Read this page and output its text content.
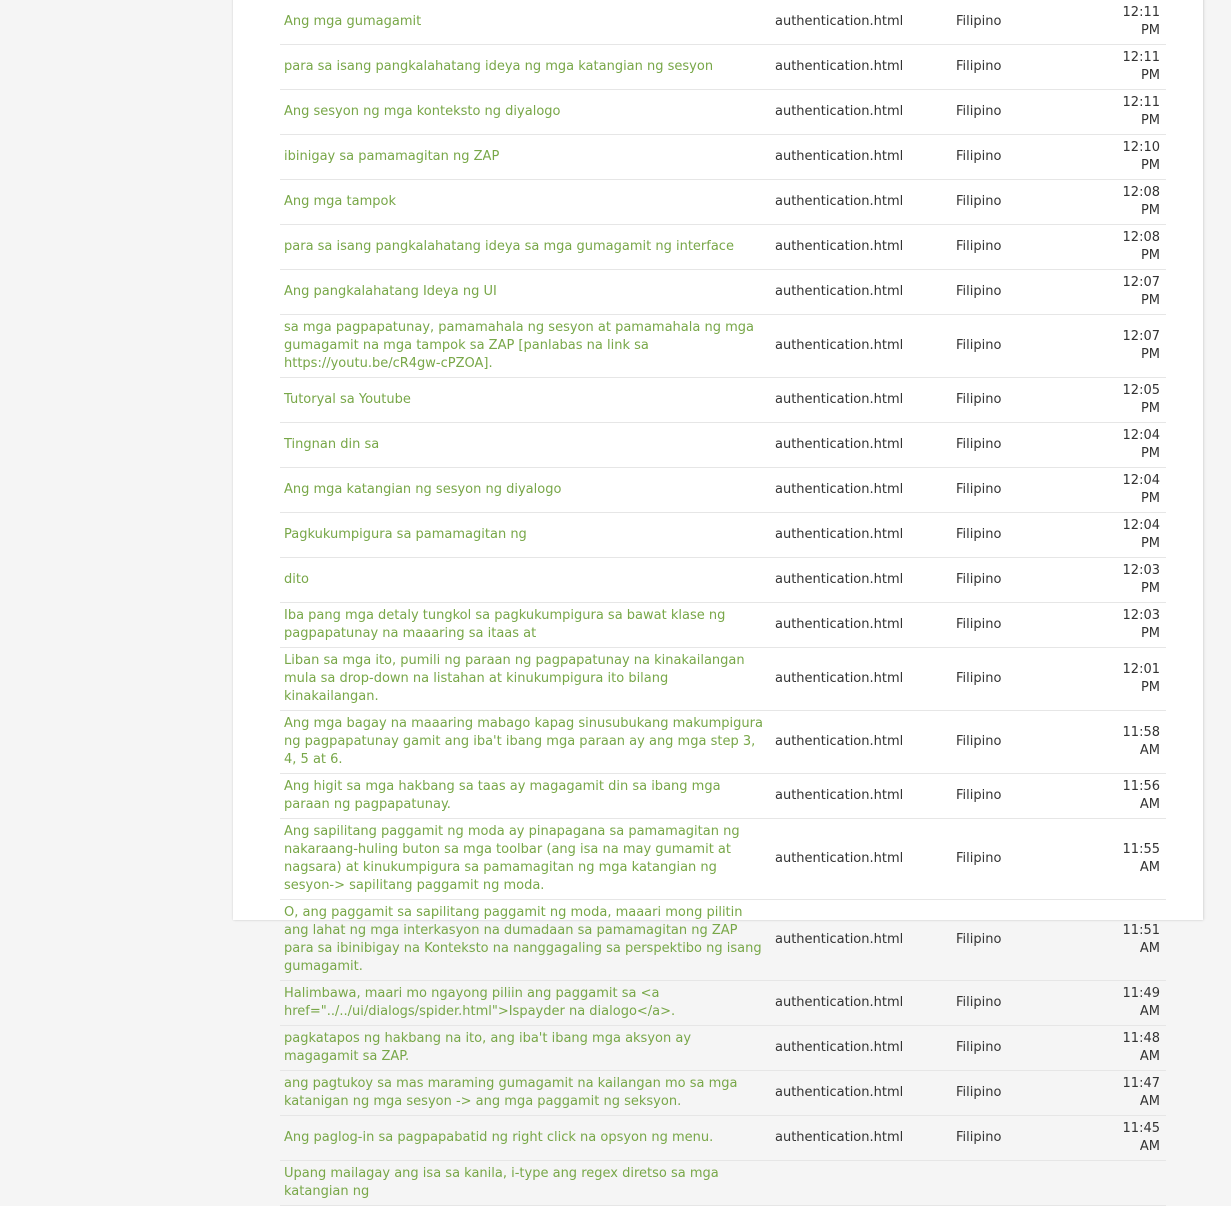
Ang mga gumagamit	authentication.html	Filipino	12:11 PM
para sa isang pangkalahatang ideya ng mga katangian ng sesyon	authentication.html	Filipino	12:11 PM
Ang sesyon ng mga konteksto ng diyalogo	authentication.html	Filipino	12:11 PM
ibinigay sa pamamagitan ng ZAP	authentication.html	Filipino	12:10 PM
Ang mga tampok	authentication.html	Filipino	12:08 PM
para sa isang pangkalahatang ideya sa mga gumagamit ng interface	authentication.html	Filipino	12:08 PM
Ang pangkalahatang Ideya ng UI	authentication.html	Filipino	12:07 PM
sa mga pagpapatunay, pamamahala ng sesyon at pamamahala ng mga gumagamit na mga tampok sa ZAP [panlabas na link sa https://youtu.be/cR4gw-cPZOA].	authentication.html	Filipino	12:07 PM
Tutoryal sa Youtube	authentication.html	Filipino	12:05 PM
Tingnan din sa	authentication.html	Filipino	12:04 PM
Ang mga katangian ng sesyon ng diyalogo	authentication.html	Filipino	12:04 PM
Pagkukumpigura sa pamamagitan ng	authentication.html	Filipino	12:04 PM
dito	authentication.html	Filipino	12:03 PM
Iba pang mga detaly tungkol sa pagkukumpigura sa bawat klase ng pagpapatunay na maaaring sa itaas at	authentication.html	Filipino	12:03 PM
Liban sa mga ito, pumili ng paraan ng pagpapatunay na kinakailangan mula sa drop-down na listahan at kinukumpigura ito bilang kinakailangan.	authentication.html	Filipino	12:01 PM
Ang mga bagay na maaaring mabago kapag sinusubukang makumpigura ng pagpapatunay gamit ang iba't ibang mga paraan ay ang mga step 3, 4, 5 at 6.	authentication.html	Filipino	11:58 AM
Ang higit sa mga hakbang sa taas ay magagamit din sa ibang mga paraan ng pagpapatunay.	authentication.html	Filipino	11:56 AM
Ang sapilitang paggamit ng moda ay pinapagana sa pamamagitan ng nakaraang-huling buton sa mga toolbar (ang isa na may gumamit at nagsara) at kinukumpigura sa pamamagitan ng mga katangian ng sesyon-> sapilitang paggamit ng moda.	authentication.html	Filipino	11:55 AM
O, ang paggamit sa sapilitang paggamit ng moda, maaari mong pilitin ang lahat ng mga interkasyon na dumadaan sa pamamagitan ng ZAP para sa ibinibigay na Konteksto na nanggagaling sa perspektibo ng isang gumagamit.	authentication.html	Filipino	11:51 AM
Halimbawa, maari mo ngayong piliin ang paggamit sa <a href="../../ui/dialogs/spider.html">Ispayder na dialogo</a>.	authentication.html	Filipino	11:49 AM
pagkatapos ng hakbang na ito, ang iba't ibang mga aksyon ay magagamit sa ZAP.	authentication.html	Filipino	11:48 AM
ang pagtukoy sa mas maraming gumagamit na kailangan mo sa mga katanigan ng mga sesyon -> ang mga paggamit ng seksyon.	authentication.html	Filipino	11:47 AM
Ang paglog-in sa pagpapabatid ng right click na opsyon ng menu.	authentication.html	Filipino	11:45 AM
Upang mailagay ang isa sa kanila, i-type ang regex diretso sa mga katangian ng			
